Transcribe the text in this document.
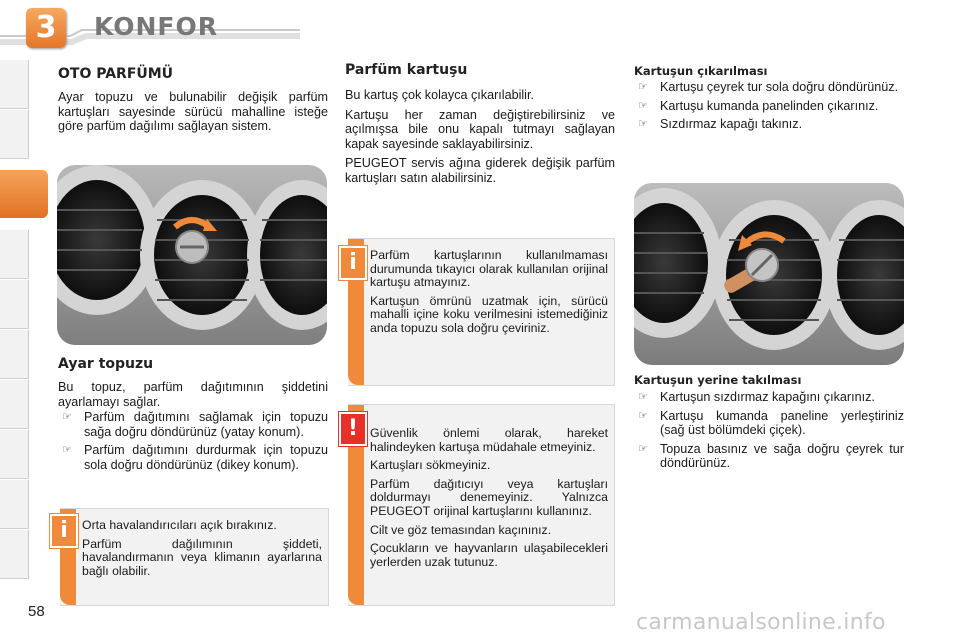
3	KONFOR
OTO PARFÜMÜ

Ayar topuzu ve bulunabilir değişik parfüm kartuşları sayesinde sürücü mahalline isteğe göre parfüm dağılımı sağlayan sistem.

Ayar topuzu

Bu topuz, parfüm dağıtımının şiddetini ayarlamayı sağlar.

☞ Parfüm dağıtımını sağlamak için topuzu sağa doğru döndürünüz (yatay konum).
☞ Parfüm dağıtımını durdurmak için topuzu sola doğru döndürünüz (dikey konum).

Orta havalandırıcıları açık bırakınız.

Parfüm dağılımının şiddeti, havalandırmanın veya klimanın ayarlarına bağlı olabilir.

i
Parfüm kartuşu

Bu kartuş çok kolayca çıkarılabilir.

Kartuşu her zaman değiştirebilirsiniz ve açılmışsa bile onu kapalı tutmayı sağlayan kapak sayesinde saklayabilirsiniz.

PEUGEOT servis ağına giderek değişik parfüm kartuşları satın alabilirsiniz.

Parfüm kartuşlarının kullanılmaması durumunda tıkayıcı olarak kullanılan orijinal kartuşu atmayınız.

Kartuşun ömrünü uzatmak için, sürücü mahalli içine koku verilmesini istemediğiniz anda topuzu sola doğru çeviriniz.

i

Güvenlik önlemi olarak, hareket halindeyken kartuşa müdahale etmeyiniz.

Kartuşları sökmeyiniz.

Parfüm dağıtıcıyı veya kartuşları doldurmayı denemeyiniz. Yalnızca PEUGEOT orijinal kartuşlarını kullanınız.

Cilt ve göz temasından kaçınınız.

Çocukların ve hayvanların ulaşabilecekleri yerlerden uzak tutunuz.

!
Kartuşun çıkarılması
☞ Kartuşu çeyrek tur sola doğru döndürünüz.
☞ Kartuşu kumanda panelinden çıkarınız.
☞ Sızdırmaz kapağı takınız.
Kartuşun yerine takılması
☞ Kartuşun sızdırmaz kapağını çıkarınız.
☞ Kartuşu kumanda paneline yerleştiriniz (sağ üst bölümdeki çiçek).
☞ Topuza basınız ve sağa doğru çeyrek tur döndürünüz.
58	carmanualsonline.info
